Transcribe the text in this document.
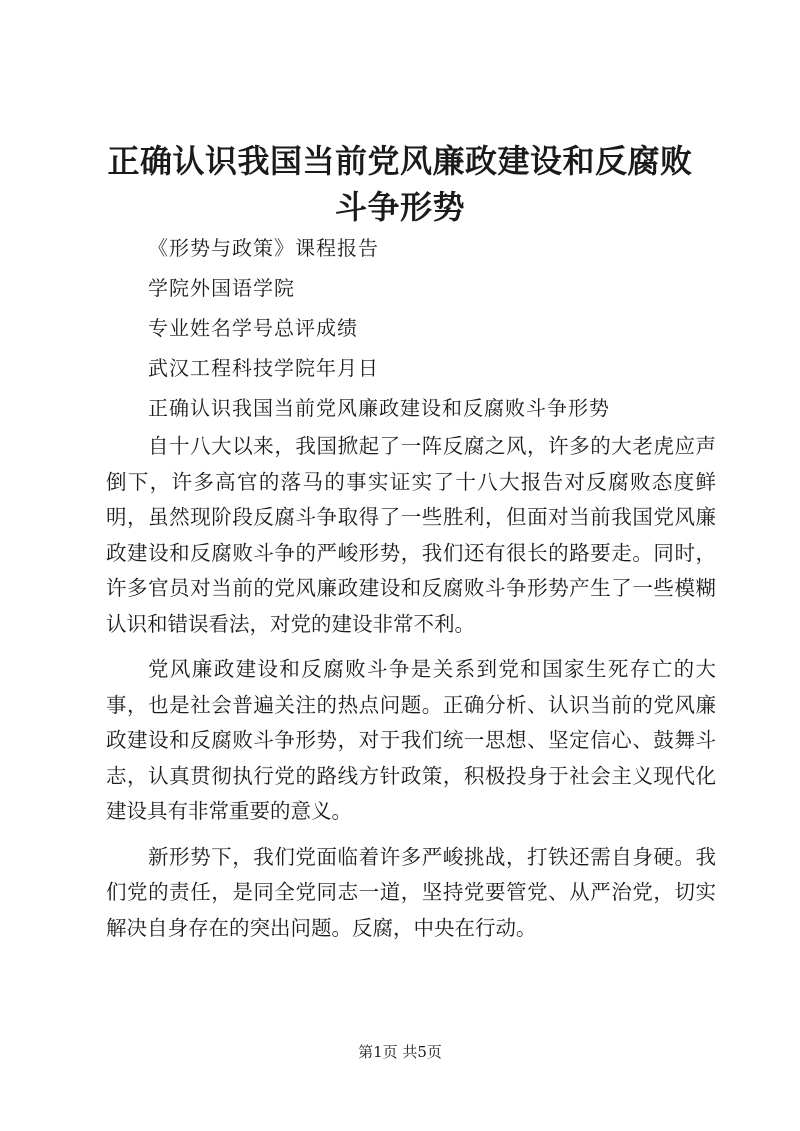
正确认识我国当前党风廉政建设和反腐败斗争形势
《形势与政策》课程报告
学院外国语学院
专业姓名学号总评成绩
武汉工程科技学院年月日
正确认识我国当前党风廉政建设和反腐败斗争形势

自十八大以来，我国掀起了一阵反腐之风，许多的大老虎应声倒下，许多高官的落马的事实证实了十八大报告对反腐败态度鲜明，虽然现阶段反腐斗争取得了一些胜利，但面对当前我国党风廉政建设和反腐败斗争的严峻形势，我们还有很长的路要走。同时，许多官员对当前的党风廉政建设和反腐败斗争形势产生了一些模糊认识和错误看法，对党的建设非常不利。

党风廉政建设和反腐败斗争是关系到党和国家生死存亡的大事，也是社会普遍关注的热点问题。正确分析、认识当前的党风廉政建设和反腐败斗争形势，对于我们统一思想、坚定信心、鼓舞斗志，认真贯彻执行党的路线方针政策，积极投身于社会主义现代化建设具有非常重要的意义。

新形势下，我们党面临着许多严峻挑战，打铁还需自身硬。我们党的责任，是同全党同志一道，坚持党要管党、从严治党，切实解决自身存在的突出问题。反腐，中央在行动。

第1页 共5页
